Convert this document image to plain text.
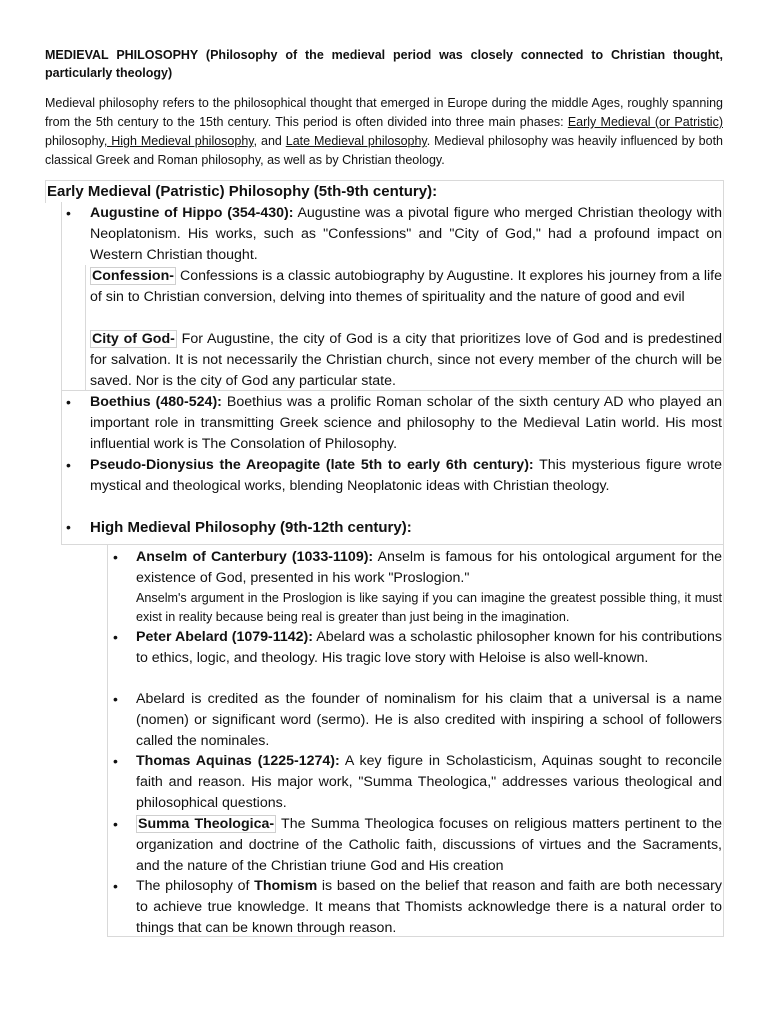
MEDIEVAL PHILOSOPHY (Philosophy of the medieval period was closely connected to Christian thought, particularly theology)
Medieval philosophy refers to the philosophical thought that emerged in Europe during the middle Ages, roughly spanning from the 5th century to the 15th century. This period is often divided into three main phases: Early Medieval (or Patristic) philosophy, High Medieval philosophy, and Late Medieval philosophy. Medieval philosophy was heavily influenced by both classical Greek and Roman philosophy, as well as by Christian theology.
Early Medieval (Patristic) Philosophy (5th-9th century):
• Augustine of Hippo (354-430): Augustine was a pivotal figure who merged Christian theology with Neoplatonism. His works, such as "Confessions" and "City of God," had a profound impact on Western Christian thought.
Confession- Confessions is a classic autobiography by Augustine. It explores his journey from a life of sin to Christian conversion, delving into themes of spirituality and the nature of good and evil
City of God- For Augustine, the city of God is a city that prioritizes love of God and is predestined for salvation. It is not necessarily the Christian church, since not every member of the church will be saved. Nor is the city of God any particular state.
• Boethius (480-524): Boethius was a prolific Roman scholar of the sixth century AD who played an important role in transmitting Greek science and philosophy to the Medieval Latin world. His most influential work is The Consolation of Philosophy.
• Pseudo-Dionysius the Areopagite (late 5th to early 6th century): This mysterious figure wrote mystical and theological works, blending Neoplatonic ideas with Christian theology.
• High Medieval Philosophy (9th-12th century):
• Anselm of Canterbury (1033-1109): Anselm is famous for his ontological argument for the existence of God, presented in his work "Proslogion."
Anselm's argument in the Proslogion is like saying if you can imagine the greatest possible thing, it must exist in reality because being real is greater than just being in the imagination.
• Peter Abelard (1079-1142): Abelard was a scholastic philosopher known for his contributions to ethics, logic, and theology. His tragic love story with Heloise is also well-known.
• Abelard is credited as the founder of nominalism for his claim that a universal is a name (nomen) or significant word (sermo). He is also credited with inspiring a school of followers called the nominales.
• Thomas Aquinas (1225-1274): A key figure in Scholasticism, Aquinas sought to reconcile faith and reason. His major work, "Summa Theologica," addresses various theological and philosophical questions.
• Summa Theologica- The Summa Theologica focuses on religious matters pertinent to the organization and doctrine of the Catholic faith, discussions of virtues and the Sacraments, and the nature of the Christian triune God and His creation
• The philosophy of Thomism is based on the belief that reason and faith are both necessary to achieve true knowledge. It means that Thomists acknowledge there is a natural order to things that can be known through reason.
